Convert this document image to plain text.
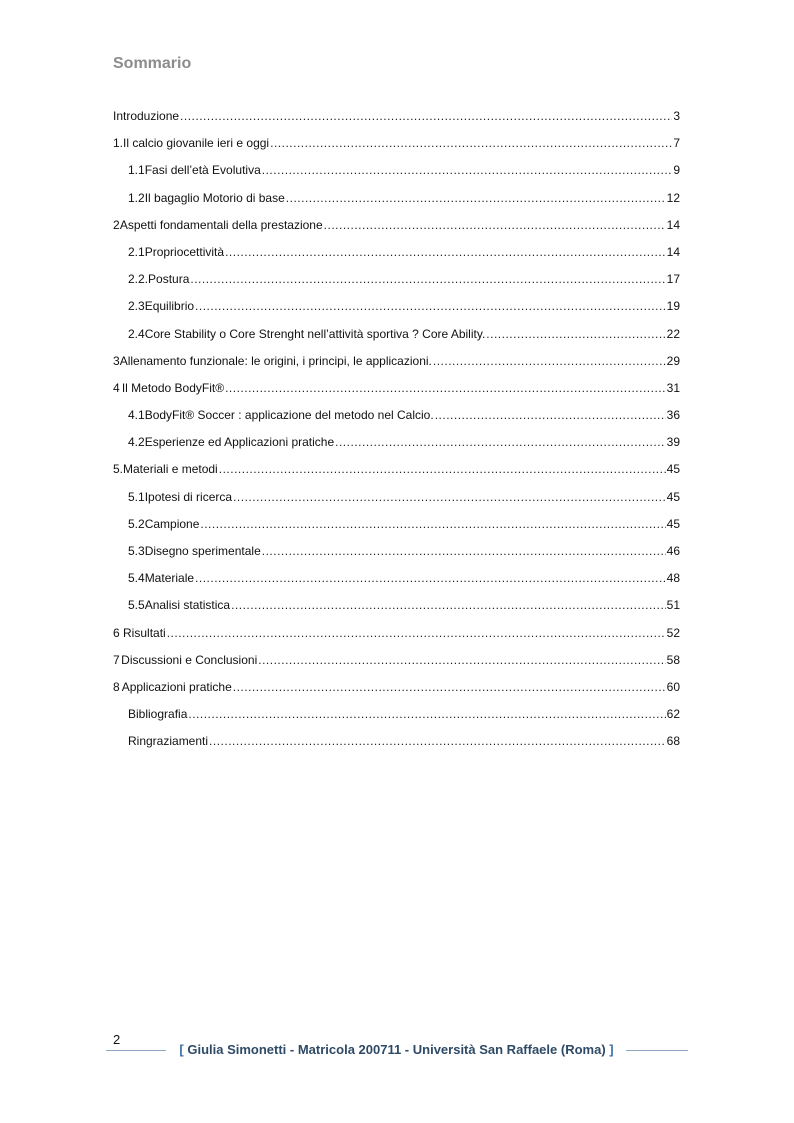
Sommario
Introduzione .....	3
1. Il calcio giovanile ieri e oggi .....	7
1.1 Fasi dell’età Evolutiva .....	9
1.2 Il bagaglio Motorio di base .....	12
2 Aspetti fondamentali della prestazione .....	14
2.1 Propriocettività .....	14
2.2. Postura .....	17
2.3 Equilibrio .....	19
2.4 Core Stability o Core Strenght nell’attività sportiva ? Core Ability. .....	22
3 Allenamento funzionale: le origini, i principi, le applicazioni. .....	29
4 Il Metodo BodyFit® .....	31
4.1 BodyFit® Soccer : applicazione del metodo nel Calcio. .....	36
4.2 Esperienze ed Applicazioni pratiche .....	39
5. Materiali e metodi .....	45
5.1 Ipotesi di ricerca .....	45
5.2 Campione .....	45
5.3 Disegno sperimentale .....	46
5.4 Materiale .....	48
5.5 Analisi statistica .....	51
6 Risultati .....	52
7 Discussioni e Conclusioni .....	58
8 Applicazioni pratiche .....	60
Bibliografia .....	62
Ringraziamenti .....	68
2
[ Giulia Simonetti - Matricola 200711 - Università San Raffaele (Roma) ]
